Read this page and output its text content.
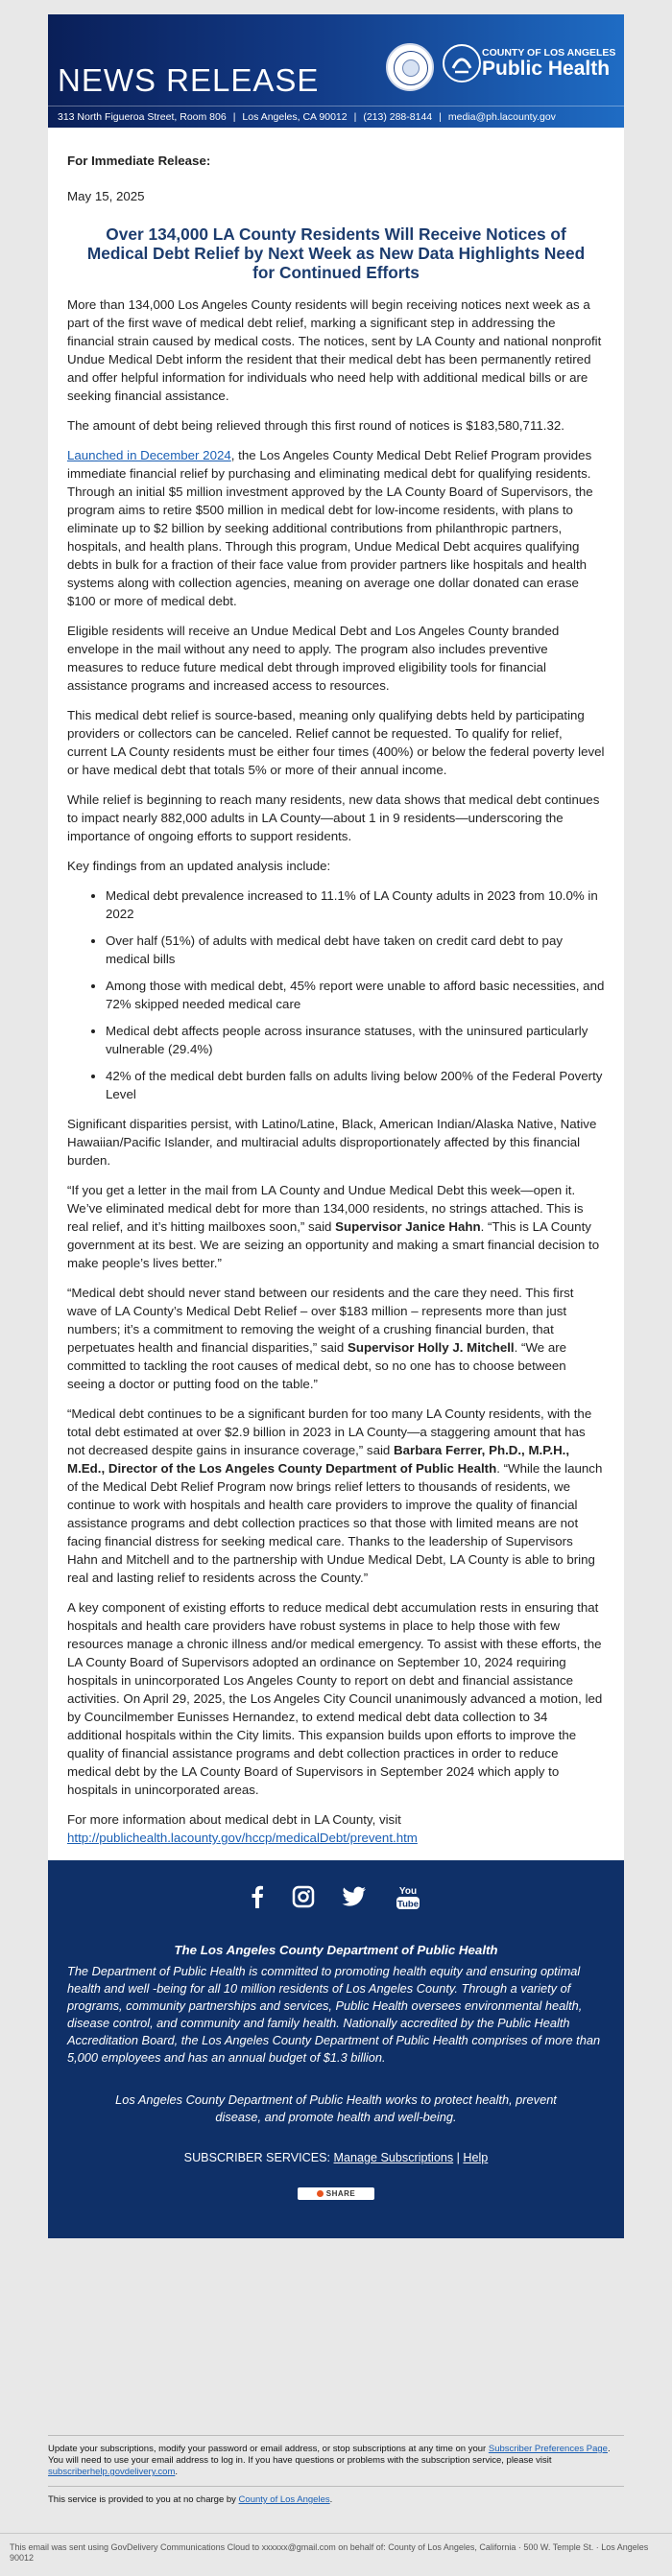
NEWS RELEASE
COUNTY OF LOS ANGELES
Public Health
313 North Figueroa Street, Room 806 | Los Angeles, CA 90012 | (213) 288-8144 | media@ph.lacounty.gov

For Immediate Release:

May 15, 2025

Over 134,000 LA County Residents Will Receive Notices of Medical Debt Relief by Next Week as New Data Highlights Need for Continued Efforts

More than 134,000 Los Angeles County residents will begin receiving notices next week as a part of the first wave of medical debt relief, marking a significant step in addressing the financial strain caused by medical costs. The notices, sent by LA County and national nonprofit Undue Medical Debt inform the resident that their medical debt has been permanently retired and offer helpful information for individuals who need help with additional medical bills or are seeking financial assistance.

The amount of debt being relieved through this first round of notices is $183,580,711.32.

Launched in December 2024, the Los Angeles County Medical Debt Relief Program provides immediate financial relief by purchasing and eliminating medical debt for qualifying residents. Through an initial $5 million investment approved by the LA County Board of Supervisors, the program aims to retire $500 million in medical debt for low-income residents, with plans to eliminate up to $2 billion by seeking additional contributions from philanthropic partners, hospitals, and health plans. Through this program, Undue Medical Debt acquires qualifying debts in bulk for a fraction of their face value from provider partners like hospitals and health systems along with collection agencies, meaning on average one dollar donated can erase $100 or more of medical debt.

Eligible residents will receive an Undue Medical Debt and Los Angeles County branded envelope in the mail without any need to apply. The program also includes preventive measures to reduce future medical debt through improved eligibility tools for financial assistance programs and increased access to resources.

This medical debt relief is source-based, meaning only qualifying debts held by participating providers or collectors can be canceled. Relief cannot be requested. To qualify for relief, current LA County residents must be either four times (400%) or below the federal poverty level or have medical debt that totals 5% or more of their annual income.

While relief is beginning to reach many residents, new data shows that medical debt continues to impact nearly 882,000 adults in LA County—about 1 in 9 residents—underscoring the importance of ongoing efforts to support residents.

Key findings from an updated analysis include:

• Medical debt prevalence increased to 11.1% of LA County adults in 2023 from 10.0% in 2022
• Over half (51%) of adults with medical debt have taken on credit card debt to pay medical bills
• Among those with medical debt, 45% report were unable to afford basic necessities, and 72% skipped needed medical care
• Medical debt affects people across insurance statuses, with the uninsured particularly vulnerable (29.4%)
• 42% of the medical debt burden falls on adults living below 200% of the Federal Poverty Level

Significant disparities persist, with Latino/Latine, Black, American Indian/Alaska Native, Native Hawaiian/Pacific Islander, and multiracial adults disproportionately affected by this financial burden.

“If you get a letter in the mail from LA County and Undue Medical Debt this week—open it. We’ve eliminated medical debt for more than 134,000 residents, no strings attached. This is real relief, and it’s hitting mailboxes soon,” said Supervisor Janice Hahn. “This is LA County government at its best. We are seizing an opportunity and making a smart financial decision to make people’s lives better.”

“Medical debt should never stand between our residents and the care they need. This first wave of LA County’s Medical Debt Relief – over $183 million – represents more than just numbers; it’s a commitment to removing the weight of a crushing financial burden, that perpetuates health and financial disparities,” said Supervisor Holly J. Mitchell. “We are committed to tackling the root causes of medical debt, so no one has to choose between seeing a doctor or putting food on the table.”

“Medical debt continues to be a significant burden for too many LA County residents, with the total debt estimated at over $2.9 billion in 2023 in LA County—a staggering amount that has not decreased despite gains in insurance coverage,” said Barbara Ferrer, Ph.D., M.P.H., M.Ed., Director of the Los Angeles County Department of Public Health. “While the launch of the Medical Debt Relief Program now brings relief letters to thousands of residents, we continue to work with hospitals and health care providers to improve the quality of financial assistance programs and debt collection practices so that those with limited means are not facing financial distress for seeking medical care. Thanks to the leadership of Supervisors Hahn and Mitchell and to the partnership with Undue Medical Debt, LA County is able to bring real and lasting relief to residents across the County.”

A key component of existing efforts to reduce medical debt accumulation rests in ensuring that hospitals and health care providers have robust systems in place to help those with few resources manage a chronic illness and/or medical emergency. To assist with these efforts, the LA County Board of Supervisors adopted an ordinance on September 10, 2024 requiring hospitals in unincorporated Los Angeles County to report on debt and financial assistance activities. On April 29, 2025, the Los Angeles City Council unanimously advanced a motion, led by Councilmember Eunisses Hernandez, to extend medical debt data collection to 34 additional hospitals within the City limits. This expansion builds upon efforts to improve the quality of financial assistance programs and debt collection practices in order to reduce medical debt by the LA County Board of Supervisors in September 2024 which apply to hospitals in unincorporated areas.

For more information about medical debt in LA County, visit
http://publichealth.lacounty.gov/hccp/medicalDebt/prevent.htm

You
Tube
The Los Angeles County Department of Public Health

The Department of Public Health is committed to promoting health equity and ensuring optimal health and well -being for all 10 million residents of Los Angeles County. Through a variety of programs, community partnerships and services, Public Health oversees environmental health, disease control, and community and family health. Nationally accredited by the Public Health Accreditation Board, the Los Angeles County Department of Public Health comprises of more than 5,000 employees and has an annual budget of $1.3 billion.

Los Angeles County Department of Public Health works to protect health, prevent disease, and promote health and well-being.

SUBSCRIBER SERVICES: Manage Subscriptions | Help
SHARE

Update your subscriptions, modify your password or email address, or stop subscriptions at any time on your Subscriber Preferences Page. You will need to use your email address to log in. If you have questions or problems with the subscription service, please visit subscriberhelp.govdelivery.com.

This service is provided to you at no charge by County of Los Angeles.

This email was sent using GovDelivery Communications Cloud to xxxxxx@gmail.com on behalf of: County of Los Angeles, California · 500 W. Temple St. · Los Angeles 90012
